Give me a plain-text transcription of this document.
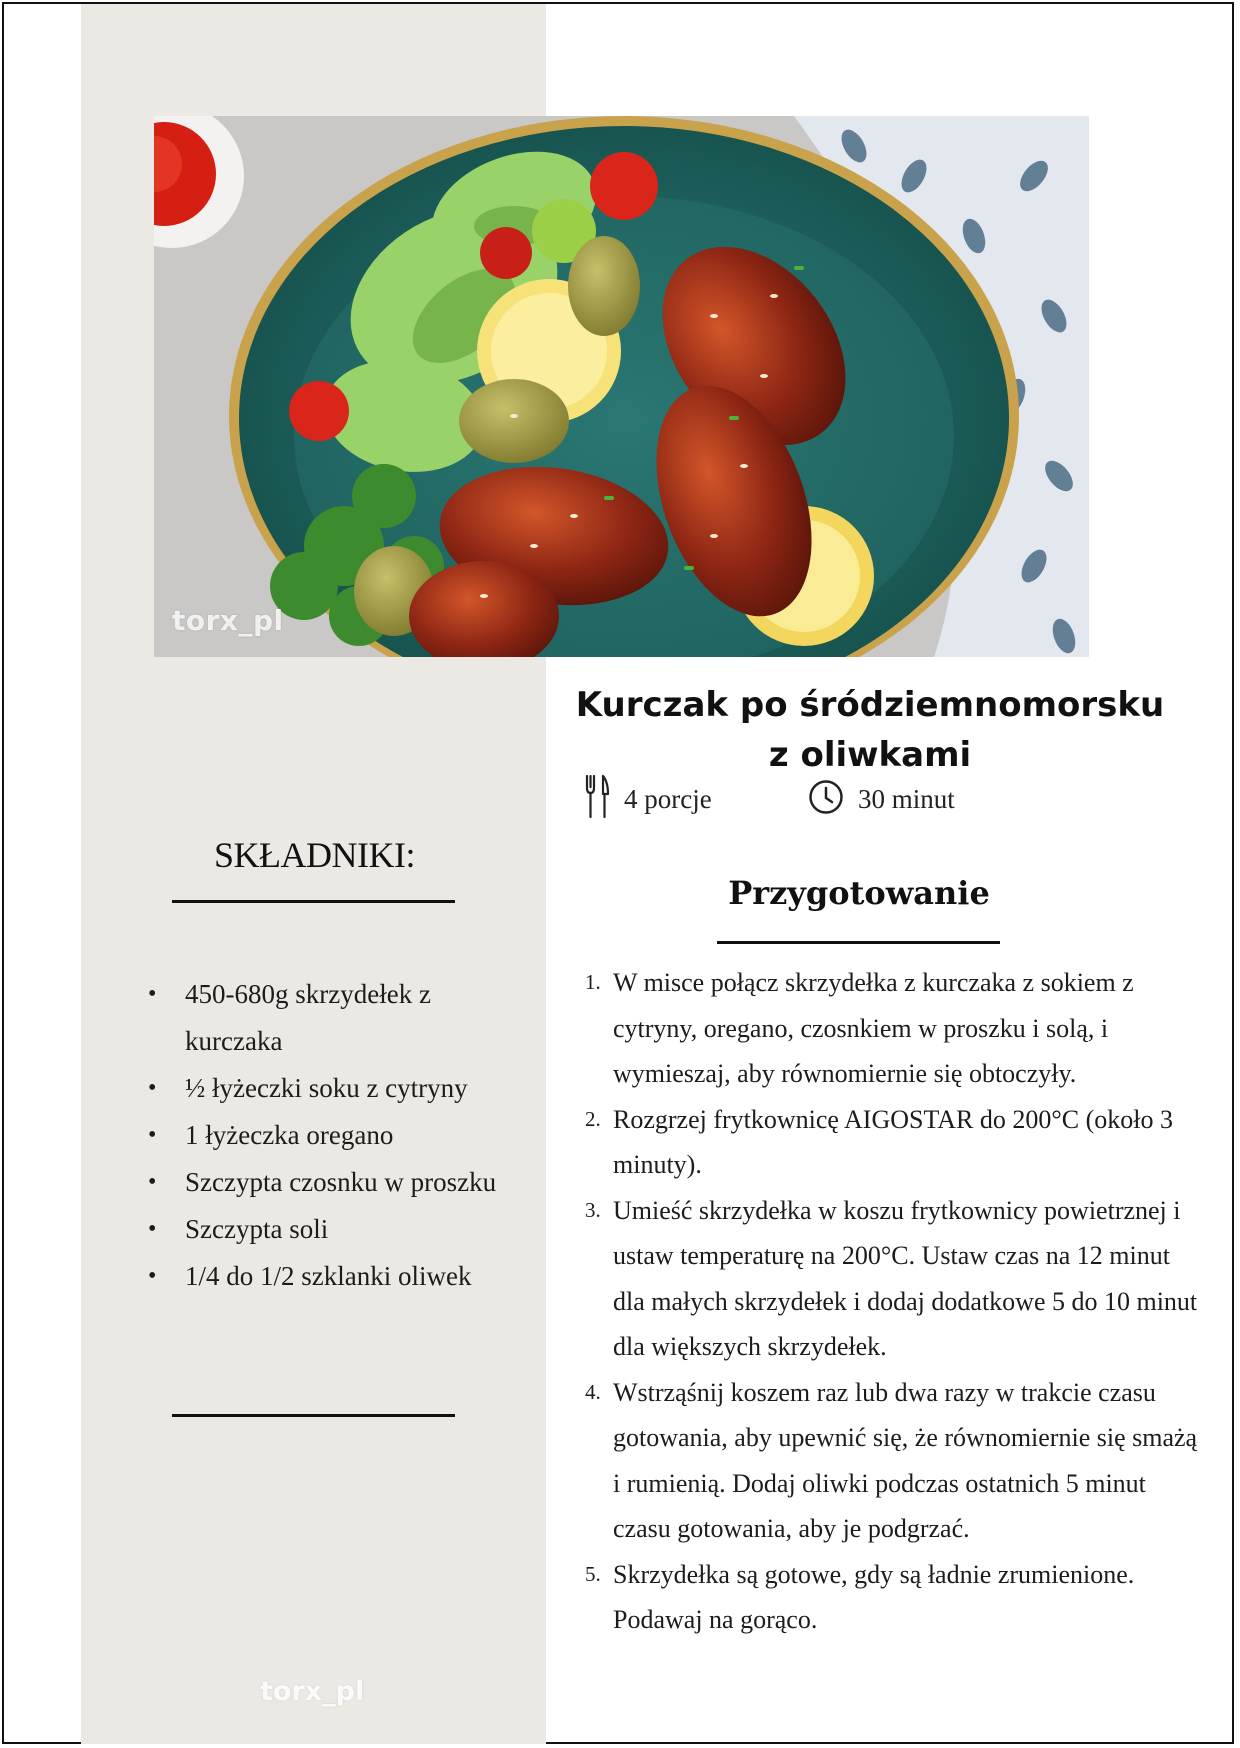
torx_pl
Kurczak po śródziemnomorsku
z oliwkami
4 porcje	30 minut
SKŁADNIKI:
• 450-680g skrzydełek z kurczaka
• ½ łyżeczki soku z cytryny
• 1 łyżeczka oregano
• Szczypta czosnku w proszku
• Szczypta soli
• 1/4 do 1/2 szklanki oliwek
Przygotowanie
1. W misce połącz skrzydełka z kurczaka z sokiem z cytryny, oregano, czosnkiem w proszku i solą, i wymieszaj, aby równomiernie się obtoczyły.
2. Rozgrzej frytkownicę AIGOSTAR do 200°C (około 3 minuty).
3. Umieść skrzydełka w koszu frytkownicy powietrznej i ustaw temperaturę na 200°C. Ustaw czas na 12 minut dla małych skrzydełek i dodaj dodatkowe 5 do 10 minut dla większych skrzydełek.
4. Wstrząśnij koszem raz lub dwa razy w trakcie czasu gotowania, aby upewnić się, że równomiernie się smażą i rumienią. Dodaj oliwki podczas ostatnich 5 minut czasu gotowania, aby je podgrzać.
5. Skrzydełka są gotowe, gdy są ładnie zrumienione. Podawaj na gorąco.
torx_pl
